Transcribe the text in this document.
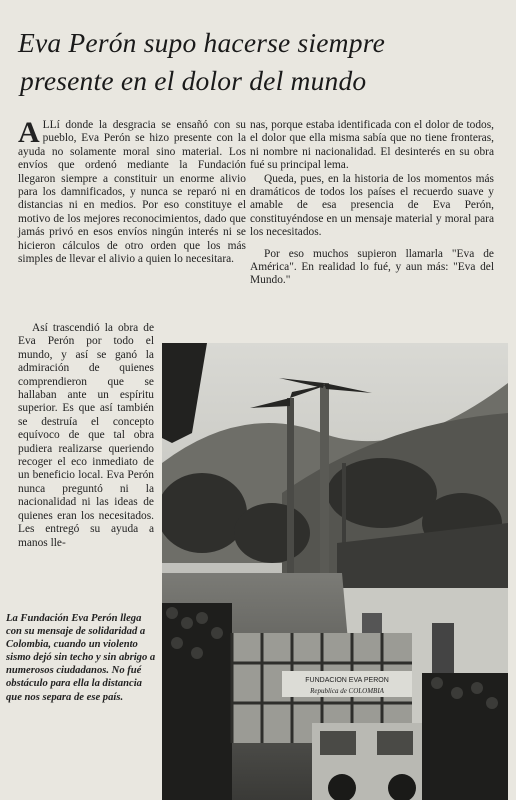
Eva Perón supo hacerse siempre
presente en el dolor del mundo

A LLí donde la desgracia se ensañó con su pueblo, Eva Perón se hizo presente con la ayuda no solamente moral sino material. Los envíos que ordenó mediante la Fundación llegaron siempre a constituir un enorme alivio para los damnificados, y nunca se reparó ni en distancias ni en medios. Por eso constituye el motivo de los mejores reconocimientos, dado que jamás privó en esos envíos ningún interés ni se hicieron cálculos de otro orden que los más simples de llevar el alivio a quien lo necesitara.

Así trascendió la obra de Eva Perón por todo el mundo, y así se ganó la admiración de quienes comprendieron que se hallaban ante un espíritu superior. Es que así también se destruía el concepto equívoco de que tal obra pudiera realizarse queriendo recoger el eco inmediato de un beneficio local. Eva Perón nunca preguntó ni la nacionalidad ni las ideas de quienes eran los necesitados. Les entregó su ayuda a manos lle-

nas, porque estaba identificada con el dolor de todos, el dolor que ella misma sabía que no tiene fronteras, ni nombre ni nacionalidad. El desinterés en su obra fué su principal lema.

Queda, pues, en la historia de los momentos más dramáticos de todos los países el recuerdo suave y amable de esa presencia de Eva Perón, constituyéndose en un mensaje material y moral para los necesitados.

Por eso muchos supieron llamarla "Eva de América". En realidad lo fué, y aun más: "Eva del Mundo."

La Fundación Eva Perón llega con su mensaje de solidaridad a Colombia, cuando un violento sismo dejó sin techo y sin abrigo a numerosos ciudadanos. No fué obstáculo para ella la distancia que nos separa de ese país.

FUNDACION EVA PERON
Republica de COLOMBIA
